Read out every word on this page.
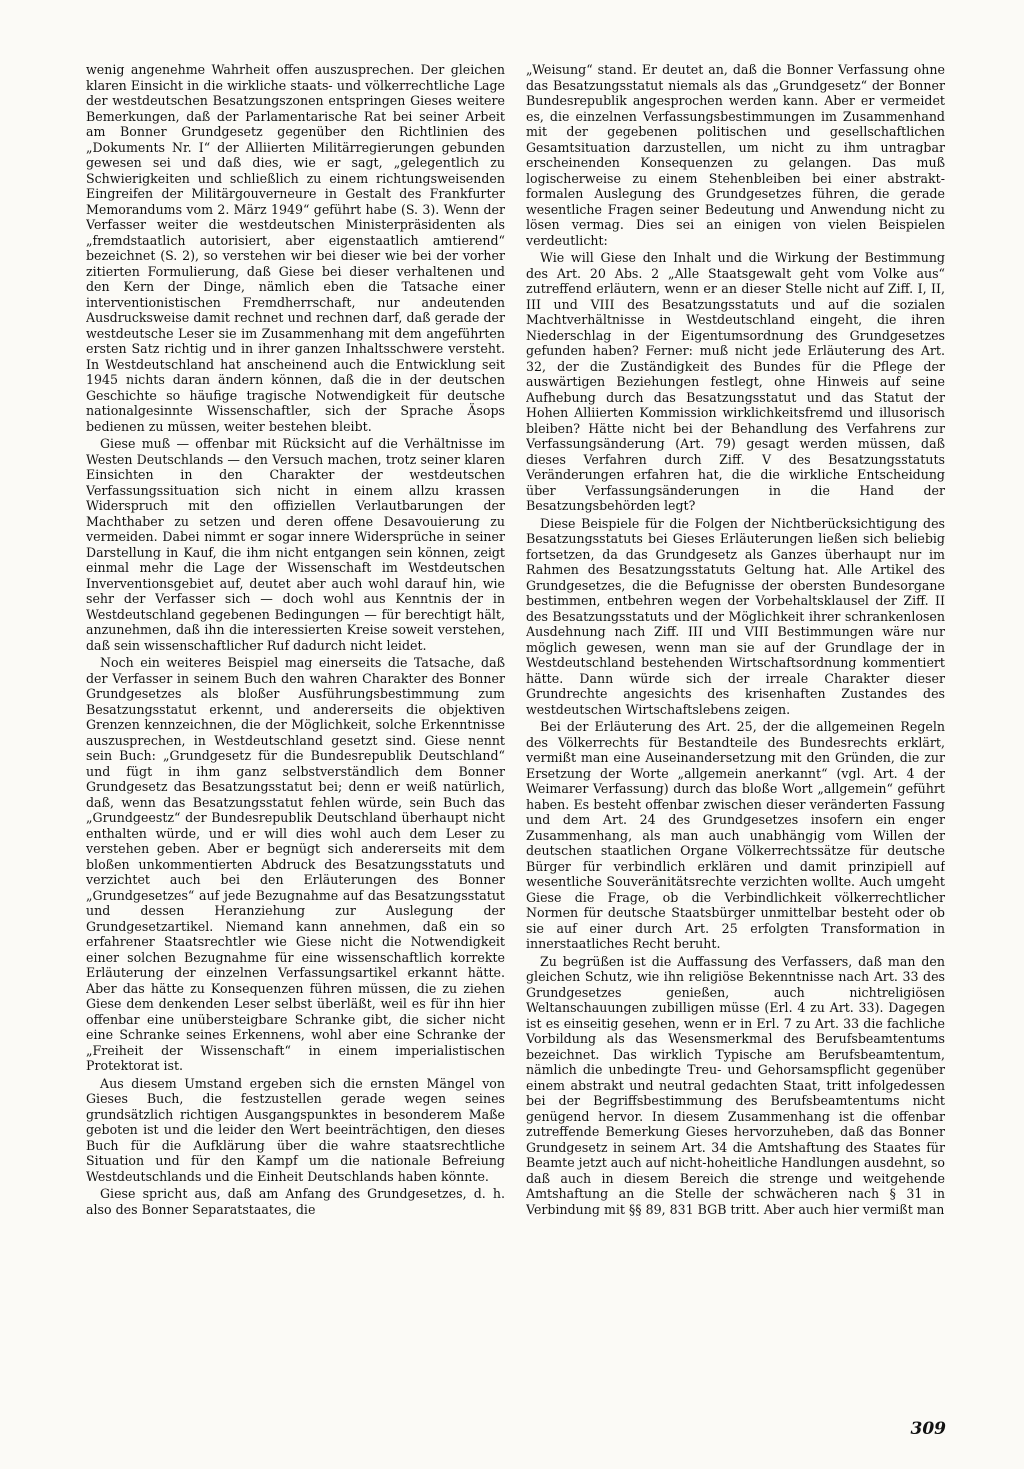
wenig angenehme Wahrheit offen auszusprechen. Der gleichen klaren Einsicht in die wirkliche staats- und völkerrechtliche Lage der westdeutschen Besatzungszonen entspringen Gieses weitere Bemerkungen, daß der Parlamentarische Rat bei seiner Arbeit am Bonner Grundgesetz gegenüber den Richtlinien des „Dokuments Nr. I“ der Alliierten Militärregierungen gebunden gewesen sei und daß dies, wie er sagt, „gelegentlich zu Schwierigkeiten und schließlich zu einem richtungsweisenden Eingreifen der Militärgouverneure in Gestalt des Frankfurter Memorandums vom 2. März 1949“ geführt habe (S. 3). Wenn der Verfasser weiter die westdeutschen Ministerpräsidenten als „fremdstaatlich autorisiert, aber eigenstaatlich amtierend“ bezeichnet (S. 2), so verstehen wir bei dieser wie bei der vorher zitierten Formulierung, daß Giese bei dieser verhaltenen und den Kern der Dinge, nämlich eben die Tatsache einer interventionistischen Fremdherrschaft, nur andeutenden Ausdrucksweise damit rechnet und rechnen darf, daß gerade der westdeutsche Leser sie im Zusammenhang mit dem angeführten ersten Satz richtig und in ihrer ganzen Inhaltsschwere versteht. In Westdeutschland hat anscheinend auch die Entwicklung seit 1945 nichts daran ändern können, daß die in der deutschen Geschichte so häufige tragische Notwendigkeit für deutsche nationalgesinnte Wissenschaftler, sich der Sprache Äsops bedienen zu müssen, weiter bestehen bleibt.

Giese muß — offenbar mit Rücksicht auf die Verhältnisse im Westen Deutschlands — den Versuch machen, trotz seiner klaren Einsichten in den Charakter der westdeutschen Verfassungssituation sich nicht in einem allzu krassen Widerspruch mit den offiziellen Verlautbarungen der Machthaber zu setzen und deren offene Desavouierung zu vermeiden. Dabei nimmt er sogar innere Widersprüche in seiner Darstellung in Kauf, die ihm nicht entgangen sein können, zeigt einmal mehr die Lage der Wissenschaft im Westdeutschen Inverventionsgebiet auf, deutet aber auch wohl darauf hin, wie sehr der Verfasser sich — doch wohl aus Kenntnis der in Westdeutschland gegebenen Bedingungen — für berechtigt hält, anzunehmen, daß ihn die interessierten Kreise soweit verstehen, daß sein wissenschaftlicher Ruf dadurch nicht leidet.

Noch ein weiteres Beispiel mag einerseits die Tatsache, daß der Verfasser in seinem Buch den wahren Charakter des Bonner Grundgesetzes als bloßer Ausführungsbestimmung zum Besatzungsstatut erkennt, und andererseits die objektiven Grenzen kennzeichnen, die der Möglichkeit, solche Erkenntnisse auszusprechen, in Westdeutschland gesetzt sind. Giese nennt sein Buch: „Grundgesetz für die Bundesrepublik Deutschland“ und fügt in ihm ganz selbstverständlich dem Bonner Grundgesetz das Besatzungsstatut bei; denn er weiß natürlich, daß, wenn das Besatzungsstatut fehlen würde, sein Buch das „Grundgeestz“ der Bundesrepublik Deutschland überhaupt nicht enthalten würde, und er will dies wohl auch dem Leser zu verstehen geben. Aber er begnügt sich andererseits mit dem bloßen unkommentierten Abdruck des Besatzungsstatuts und verzichtet auch bei den Erläuterungen des Bonner „Grundgesetzes“ auf jede Bezugnahme auf das Besatzungsstatut und dessen Heranziehung zur Auslegung der Grundgesetzartikel. Niemand kann annehmen, daß ein so erfahrener Staatsrechtler wie Giese nicht die Notwendigkeit einer solchen Bezugnahme für eine wissenschaftlich korrekte Erläuterung der einzelnen Verfassungsartikel erkannt hätte. Aber das hätte zu Konsequenzen führen müssen, die zu ziehen Giese dem denkenden Leser selbst überläßt, weil es für ihn hier offenbar eine unübersteigbare Schranke gibt, die sicher nicht eine Schranke seines Erkennens, wohl aber eine Schranke der „Freiheit der Wissenschaft“ in einem imperialistischen Protektorat ist.

Aus diesem Umstand ergeben sich die ernsten Mängel von Gieses Buch, die festzustellen gerade wegen seines grundsätzlich richtigen Ausgangspunktes in besonderem Maße geboten ist und die leider den Wert beeinträchtigen, den dieses Buch für die Aufklärung über die wahre staatsrechtliche Situation und für den Kampf um die nationale Befreiung Westdeutschlands und die Einheit Deutschlands haben könnte.

Giese spricht aus, daß am Anfang des Grundgesetzes, d. h. also des Bonner Separatstaates, die

„Weisung“ stand. Er deutet an, daß die Bonner Verfassung ohne das Besatzungsstatut niemals als das „Grundgesetz“ der Bonner Bundesrepublik angesprochen werden kann. Aber er vermeidet es, die einzelnen Verfassungsbestimmungen im Zusammenhand mit der gegebenen politischen und gesellschaftlichen Gesamtsituation darzustellen, um nicht zu ihm untragbar erscheinenden Konsequenzen zu gelangen. Das muß logischerweise zu einem Stehenbleiben bei einer abstrakt-formalen Auslegung des Grundgesetzes führen, die gerade wesentliche Fragen seiner Bedeutung und Anwendung nicht zu lösen vermag. Dies sei an einigen von vielen Beispielen verdeutlicht:

Wie will Giese den Inhalt und die Wirkung der Bestimmung des Art. 20 Abs. 2 „Alle Staatsgewalt geht vom Volke aus“ zutreffend erläutern, wenn er an dieser Stelle nicht auf Ziff. I, II, III und VIII des Besatzungsstatuts und auf die sozialen Machtverhältnisse in Westdeutschland eingeht, die ihren Niederschlag in der Eigentumsordnung des Grundgesetzes gefunden haben? Ferner: muß nicht jede Erläuterung des Art. 32, der die Zuständigkeit des Bundes für die Pflege der auswärtigen Beziehungen festlegt, ohne Hinweis auf seine Aufhebung durch das Besatzungsstatut und das Statut der Hohen Alliierten Kommission wirklichkeitsfremd und illusorisch bleiben? Hätte nicht bei der Behandlung des Verfahrens zur Verfassungsänderung (Art. 79) gesagt werden müssen, daß dieses Verfahren durch Ziff. V des Besatzungsstatuts Veränderungen erfahren hat, die die wirkliche Entscheidung über Verfassungsänderungen in die Hand der Besatzungsbehörden legt?

Diese Beispiele für die Folgen der Nichtberücksichtigung des Besatzungsstatuts bei Gieses Erläuterungen ließen sich beliebig fortsetzen, da das Grundgesetz als Ganzes überhaupt nur im Rahmen des Besatzungsstatuts Geltung hat. Alle Artikel des Grundgesetzes, die die Befugnisse der obersten Bundesorgane bestimmen, entbehren wegen der Vorbehaltsklausel der Ziff. II des Besatzungsstatuts und der Möglichkeit ihrer schrankenlosen Ausdehnung nach Ziff. III und VIII Bestimmungen wäre nur möglich gewesen, wenn man sie auf der Grundlage der in Westdeutschland bestehenden Wirtschaftsordnung kommentiert hätte. Dann würde sich der irreale Charakter dieser Grundrechte angesichts des krisenhaften Zustandes des westdeutschen Wirtschaftslebens zeigen.

Bei der Erläuterung des Art. 25, der die allgemeinen Regeln des Völkerrechts für Bestandteile des Bundesrechts erklärt, vermißt man eine Auseinandersetzung mit den Gründen, die zur Ersetzung der Worte „allgemein anerkannt“ (vgl. Art. 4 der Weimarer Verfassung) durch das bloße Wort „allgemein“ geführt haben. Es besteht offenbar zwischen dieser veränderten Fassung und dem Art. 24 des Grundgesetzes insofern ein enger Zusammenhang, als man auch unabhängig vom Willen der deutschen staatlichen Organe Völkerrechtssätze für deutsche Bürger für verbindlich erklären und damit prinzipiell auf wesentliche Souveränitätsrechte verzichten wollte. Auch umgeht Giese die Frage, ob die Verbindlichkeit völkerrechtlicher Normen für deutsche Staatsbürger unmittelbar besteht oder ob sie auf einer durch Art. 25 erfolgten Transformation in innerstaatliches Recht beruht.

Zu begrüßen ist die Auffassung des Verfassers, daß man den gleichen Schutz, wie ihn religiöse Bekenntnisse nach Art. 33 des Grundgesetzes genießen, auch nichtreligiösen Weltanschauungen zubilligen müsse (Erl. 4 zu Art. 33). Dagegen ist es einseitig gesehen, wenn er in Erl. 7 zu Art. 33 die fachliche Vorbildung als das Wesensmerkmal des Berufsbeamtentums bezeichnet. Das wirklich Typische am Berufsbeamtentum, nämlich die unbedingte Treu- und Gehorsamspflicht gegenüber einem abstrakt und neutral gedachten Staat, tritt infolgedessen bei der Begriffsbestimmung des Berufsbeamtentums nicht genügend hervor. In diesem Zusammenhang ist die offenbar zutreffende Bemerkung Gieses hervorzuheben, daß das Bonner Grundgesetz in seinem Art. 34 die Amtshaftung des Staates für Beamte jetzt auch auf nicht-hoheitliche Handlungen ausdehnt, so daß auch in diesem Bereich die strenge und weitgehende Amtshaftung an die Stelle der schwächeren nach § 31 in Verbindung mit §§ 89, 831 BGB tritt. Aber auch hier vermißt man

309
